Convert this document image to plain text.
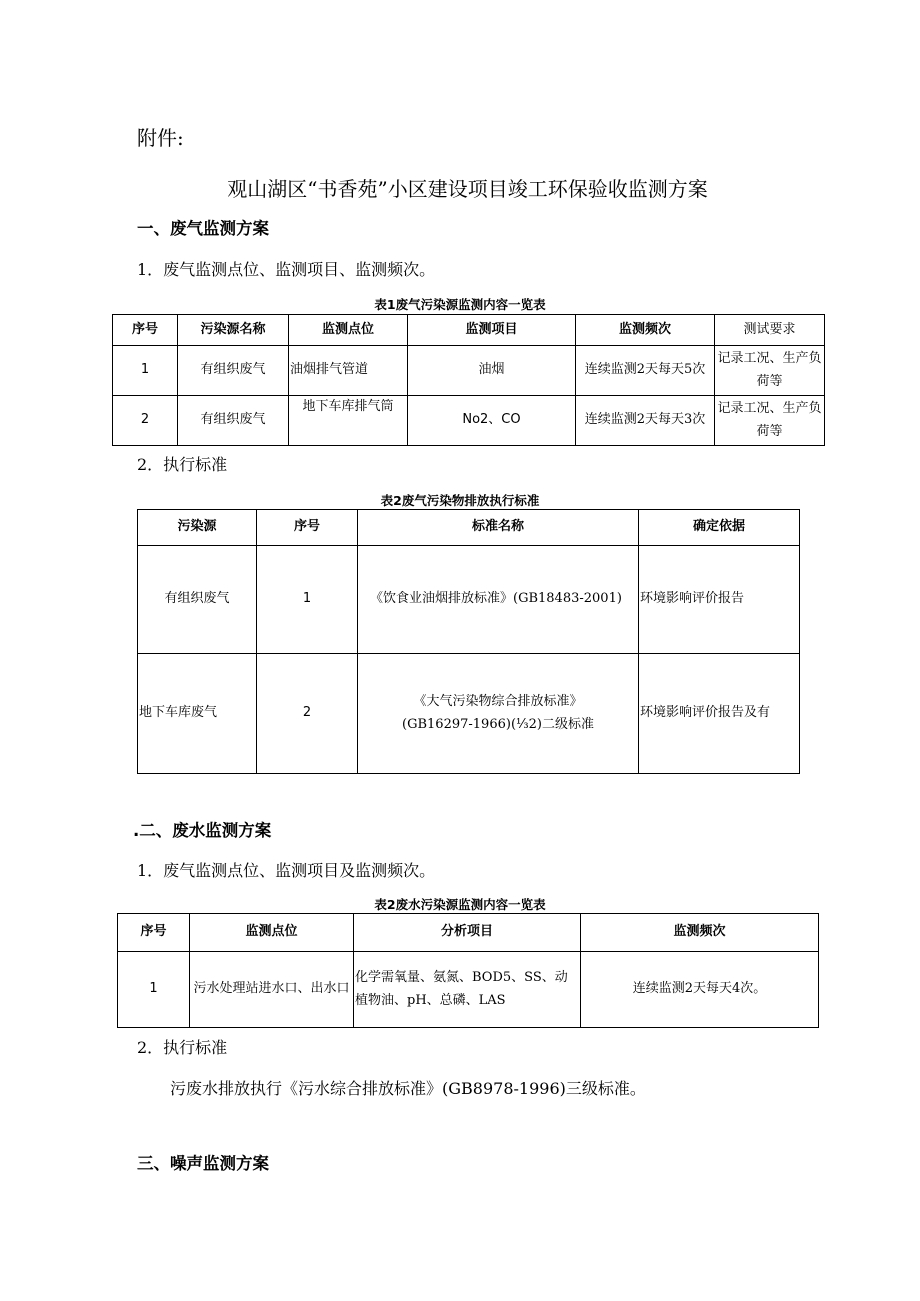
附件:
观山湖区“书香苑”小区建设项目竣工环保验收监测方案
一、废气监测方案
1．废气监测点位、监测项目、监测频次。
表1废气污染源监测内容一览表
序号	污染源名称	监测点位	监测项目	监测频次	测试要求
1	有组织废气	油烟排气管道	油烟	连续监测2天每天5次	记录工况、生产负荷等
2	有组织废气	地下车库排气筒	No2、CO	连续监测2天每天3次	记录工况、生产负荷等
2．执行标准
表2废气污染物排放执行标准
污染源	序号	标准名称	确定依据
有组织废气	1	《饮食业油烟排放标准》(GB18483-2001)	环境影响评价报告
地下车库废气	2	《大气污染物综合排放标准》(GB16297-1966)(⅓2)二级标准	环境影响评价报告及有
.二、废水监测方案
1．废气监测点位、监测项目及监测频次。
表2废水污染源监测内容一览表
序号	监测点位	分析项目	监测频次
1	污水处理站进水口、出水口	化学需氧量、氨氮、BOD5、SS、动植物油、pH、总磷、LAS	连续监测2天每天4次。
2．执行标准
污废水排放执行《污水综合排放标准》(GB8978-1996)三级标准。
三、噪声监测方案
